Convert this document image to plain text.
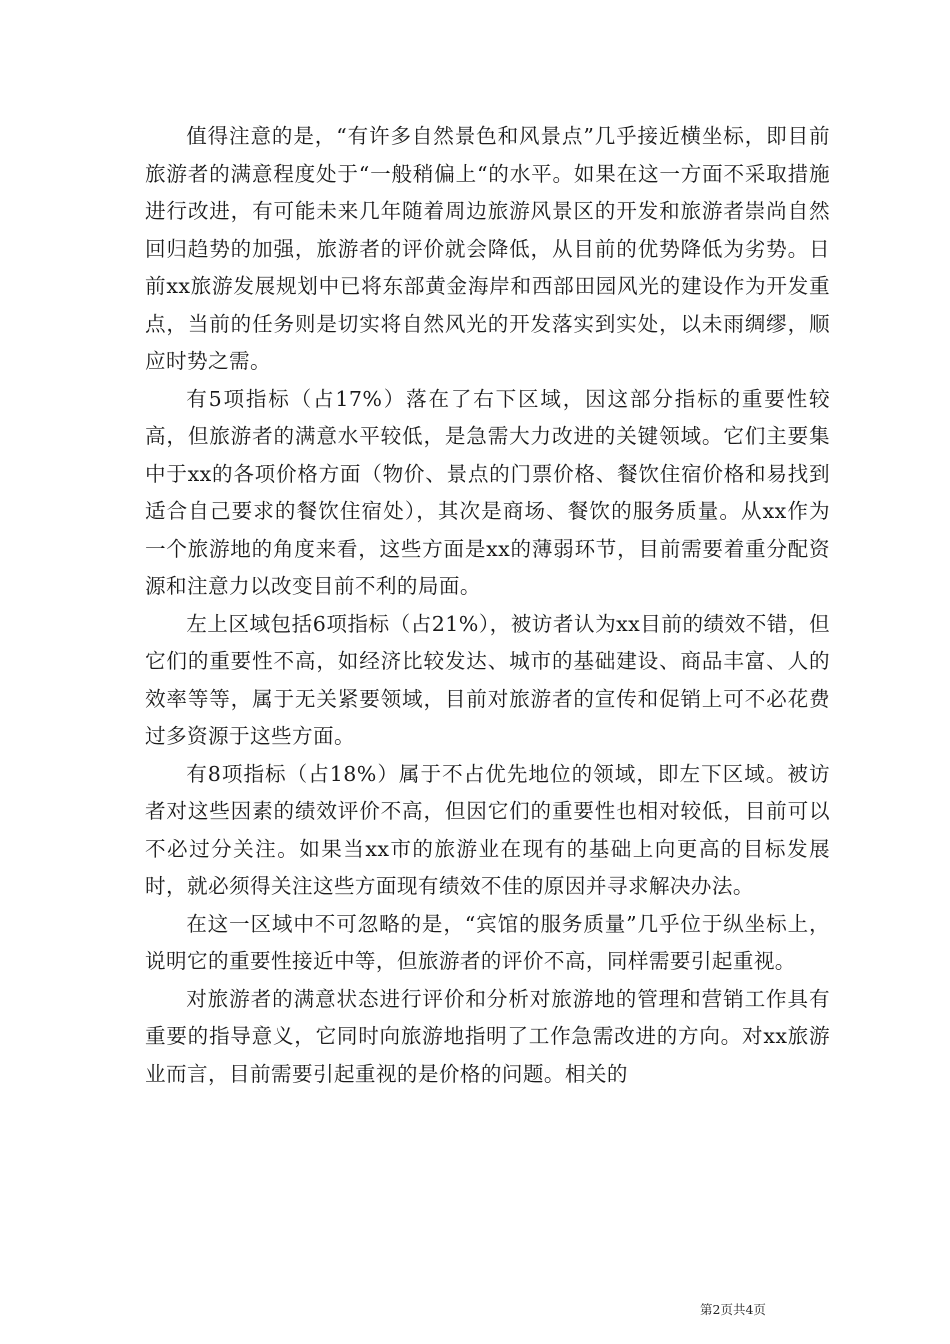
值得注意的是，“有许多自然景色和风景点”几乎接近横坐标，即目前旅游者的满意程度处于“一般稍偏上“的水平。如果在这一方面不采取措施进行改进，有可能未来几年随着周边旅游风景区的开发和旅游者崇尚自然回归趋势的加强，旅游者的评价就会降低，从目前的优势降低为劣势。日前xx旅游发展规划中已将东部黄金海岸和西部田园风光的建设作为开发重点，当前的任务则是切实将自然风光的开发落实到实处，以未雨绸缪，顺应时势之需。

有5项指标（占17%）落在了右下区域，因这部分指标的重要性较高，但旅游者的满意水平较低，是急需大力改进的关键领域。它们主要集中于xx的各项价格方面（物价、景点的门票价格、餐饮住宿价格和易找到适合自己要求的餐饮住宿处），其次是商场、餐饮的服务质量。从xx作为一个旅游地的角度来看，这些方面是xx的薄弱环节，目前需要着重分配资源和注意力以改变目前不利的局面。

左上区域包括6项指标（占21%），被访者认为xx目前的绩效不错，但它们的重要性不高，如经济比较发达、城市的基础建设、商品丰富、人的效率等等，属于无关紧要领域，目前对旅游者的宣传和促销上可不必花费过多资源于这些方面。

有8项指标（占18%）属于不占优先地位的领域，即左下区域。被访者对这些因素的绩效评价不高，但因它们的重要性也相对较低，目前可以不必过分关注。如果当xx市的旅游业在现有的基础上向更高的目标发展时，就必须得关注这些方面现有绩效不佳的原因并寻求解决办法。

在这一区域中不可忽略的是，“宾馆的服务质量”几乎位于纵坐标上，说明它的重要性接近中等，但旅游者的评价不高，同样需要引起重视。

对旅游者的满意状态进行评价和分析对旅游地的管理和营销工作具有重要的指导意义，它同时向旅游地指明了工作急需改进的方向。对xx旅游业而言，目前需要引起重视的是价格的问题。相关的

第2页共4页
